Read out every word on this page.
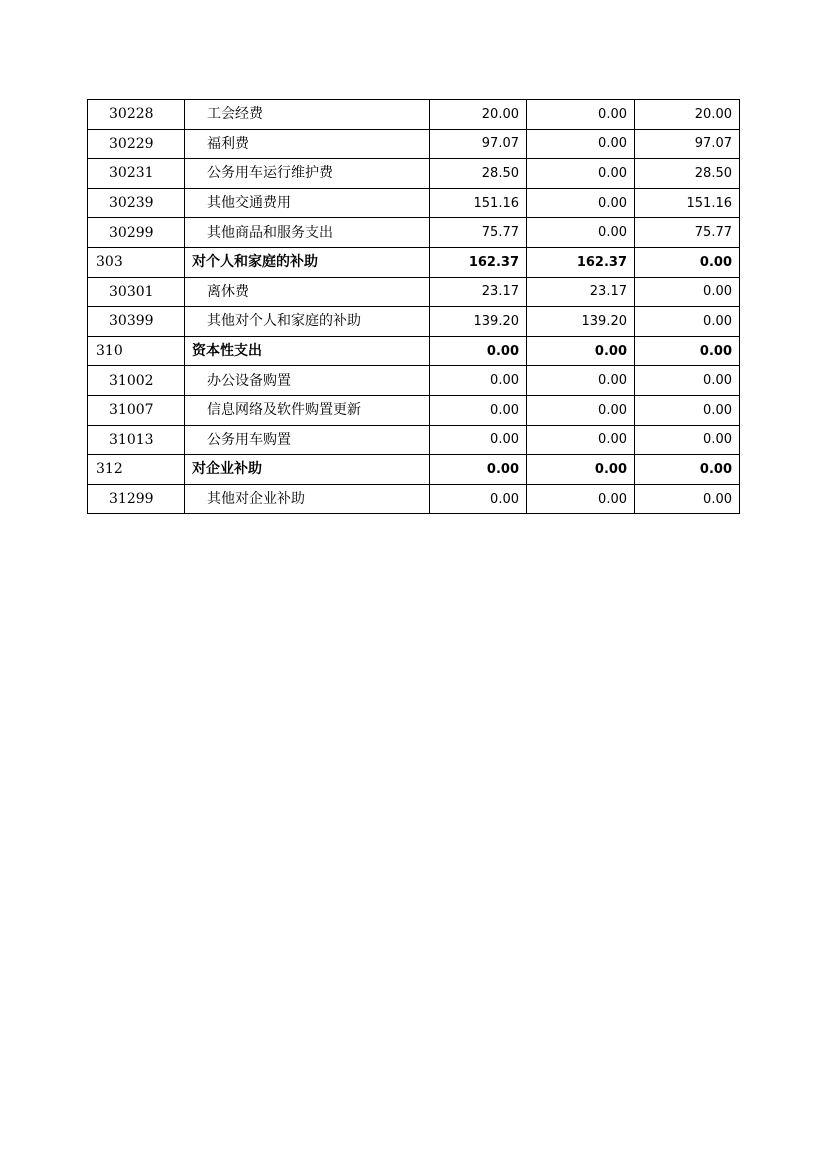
30228	工会经费	20.00	0.00	20.00
30229	福利费	97.07	0.00	97.07
30231	公务用车运行维护费	28.50	0.00	28.50
30239	其他交通费用	151.16	0.00	151.16
30299	其他商品和服务支出	75.77	0.00	75.77
303	对个人和家庭的补助	162.37	162.37	0.00
30301	离休费	23.17	23.17	0.00
30399	其他对个人和家庭的补助	139.20	139.20	0.00
310	资本性支出	0.00	0.00	0.00
31002	办公设备购置	0.00	0.00	0.00
31007	信息网络及软件购置更新	0.00	0.00	0.00
31013	公务用车购置	0.00	0.00	0.00
312	对企业补助	0.00	0.00	0.00
31299	其他对企业补助	0.00	0.00	0.00
